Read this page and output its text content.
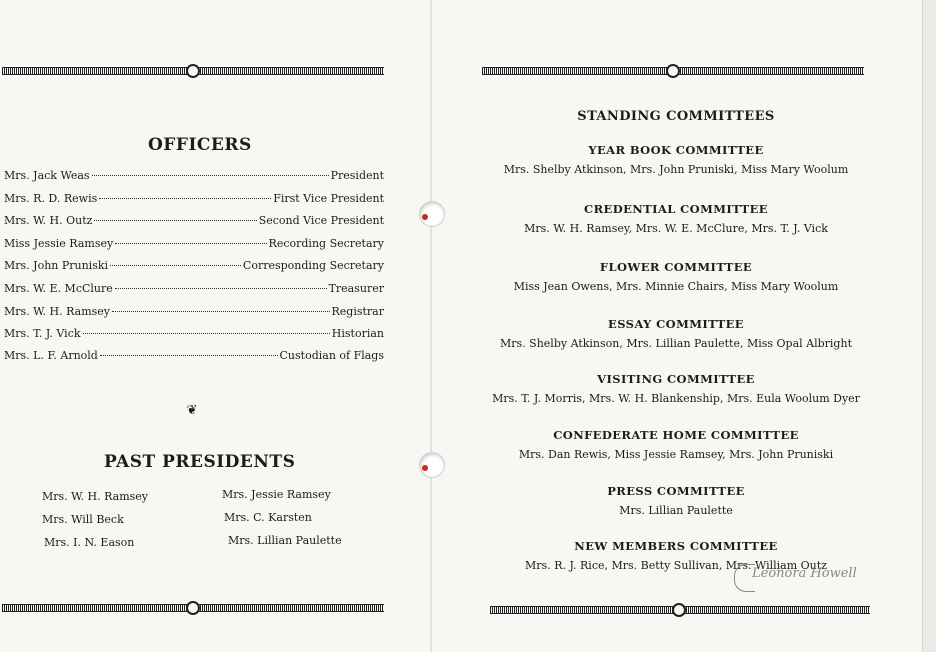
OFFICERS
Mrs. Jack Weas	President
Mrs. R. D. Rewis	First Vice President
Mrs. W. H. Outz	Second Vice President
Miss Jessie Ramsey	Recording Secretary
Mrs. John Pruniski	Corresponding Secretary
Mrs. W. E. McClure	Treasurer
Mrs. W. H. Ramsey	Registrar
Mrs. T. J. Vick	Historian
Mrs. L. F. Arnold	Custodian of Flags
❦
PAST PRESIDENTS
Mrs. W. H. Ramsey
Mrs. Will Beck
Mrs. I. N. Eason
Mrs. Jessie Ramsey
Mrs. C. Karsten
Mrs. Lillian Paulette
STANDING COMMITTEES
YEAR BOOK COMMITTEE
Mrs. Shelby Atkinson, Mrs. John Pruniski, Miss Mary Woolum
CREDENTIAL COMMITTEE
Mrs. W. H. Ramsey, Mrs. W. E. McClure, Mrs. T. J. Vick
FLOWER COMMITTEE
Miss Jean Owens, Mrs. Minnie Chairs, Miss Mary Woolum
ESSAY COMMITTEE
Mrs. Shelby Atkinson, Mrs. Lillian Paulette, Miss Opal Albright
VISITING COMMITTEE
Mrs. T. J. Morris, Mrs. W. H. Blankenship, Mrs. Eula Woolum Dyer
CONFEDERATE HOME COMMITTEE
Mrs. Dan Rewis, Miss Jessie Ramsey, Mrs. John Pruniski
PRESS COMMITTEE
Mrs. Lillian Paulette
NEW MEMBERS COMMITTEE
Mrs. R. J. Rice, Mrs. Betty Sullivan, Mrs. William Outz
Leonora Howell
